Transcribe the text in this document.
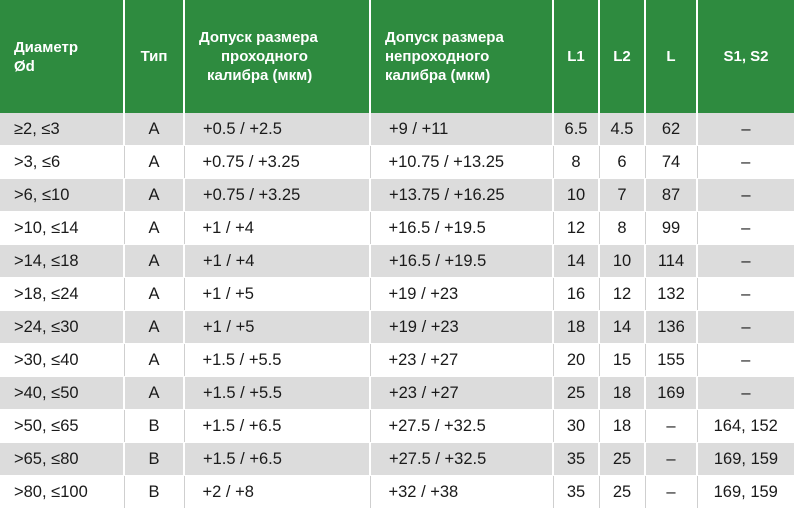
Диаметр
Ød	Тип	Допуск размера
проходного
калибра (мкм)	Допуск размера
непроходного
калибра (мкм)	L1	L2	L	S1, S2

≥2, ≤3	A	+0.5 / +2.5	+9 / +11	6.5	4.5	62	–
>3, ≤6	A	+0.75 / +3.25	+10.75 / +13.25	8	6	74	–
>6, ≤10	A	+0.75 / +3.25	+13.75 / +16.25	10	7	87	–
>10, ≤14	A	+1 / +4	+16.5 / +19.5	12	8	99	–
>14, ≤18	A	+1 / +4	+16.5 / +19.5	14	10	114	–
>18, ≤24	A	+1 / +5	+19 / +23	16	12	132	–
>24, ≤30	A	+1 / +5	+19 / +23	18	14	136	–
>30, ≤40	A	+1.5 / +5.5	+23 / +27	20	15	155	–
>40, ≤50	A	+1.5 / +5.5	+23 / +27	25	18	169	–
>50, ≤65	B	+1.5 / +6.5	+27.5 / +32.5	30	18	–	164, 152
>65, ≤80	B	+1.5 / +6.5	+27.5 / +32.5	35	25	–	169, 159
>80, ≤100	B	+2 / +8	+32 / +38	35	25	–	169, 159
